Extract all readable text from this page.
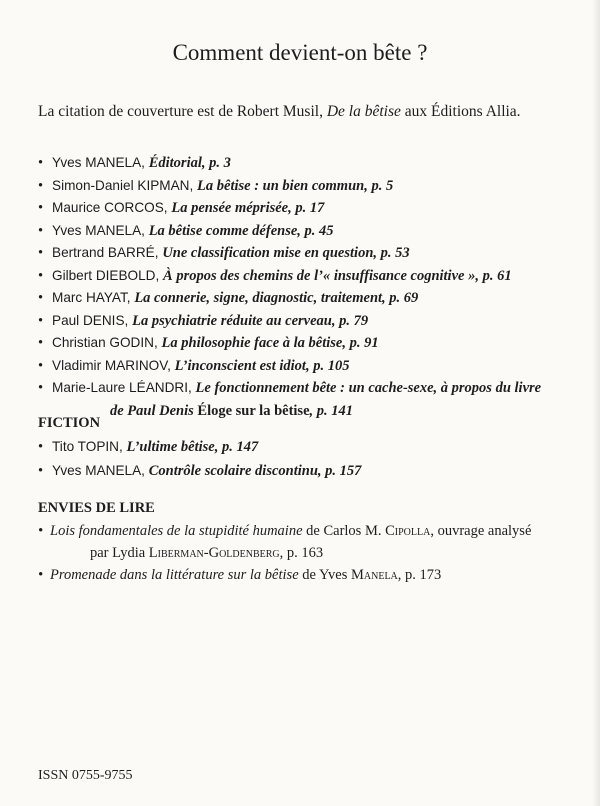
Comment devient-on bête ?

La citation de couverture est de Robert Musil, De la bêtise aux Éditions Allia.

• Yves MANELA, Éditorial, p. 3
• Simon-Daniel KIPMAN, La bêtise : un bien commun, p. 5
• Maurice CORCOS, La pensée méprisée, p. 17
• Yves MANELA, La bêtise comme défense, p. 45
• Bertrand BARRÉ, Une classification mise en question, p. 53
• Gilbert DIEBOLD, À propos des chemins de l’« insuffisance cognitive », p. 61
• Marc HAYAT, La connerie, signe, diagnostic, traitement, p. 69
• Paul DENIS, La psychiatrie réduite au cerveau, p. 79
• Christian GODIN, La philosophie face à la bêtise, p. 91
• Vladimir MARINOV, L’inconscient est idiot, p. 105
• Marie-Laure LÉANDRI, Le fonctionnement bête : un cache-sexe, à propos du livre
de Paul Denis Éloge sur la bêtise, p. 141
FICTION
• Tito TOPIN, L’ultime bêtise, p. 147
• Yves MANELA, Contrôle scolaire discontinu, p. 157
ENVIES DE LIRE
• Lois fondamentales de la stupidité humaine de Carlos M. Cipolla, ouvrage analysé
par Lydia Liberman-Goldenberg, p. 163
• Promenade dans la littérature sur la bêtise de Yves Manela, p. 173

ISSN 0755-9755
